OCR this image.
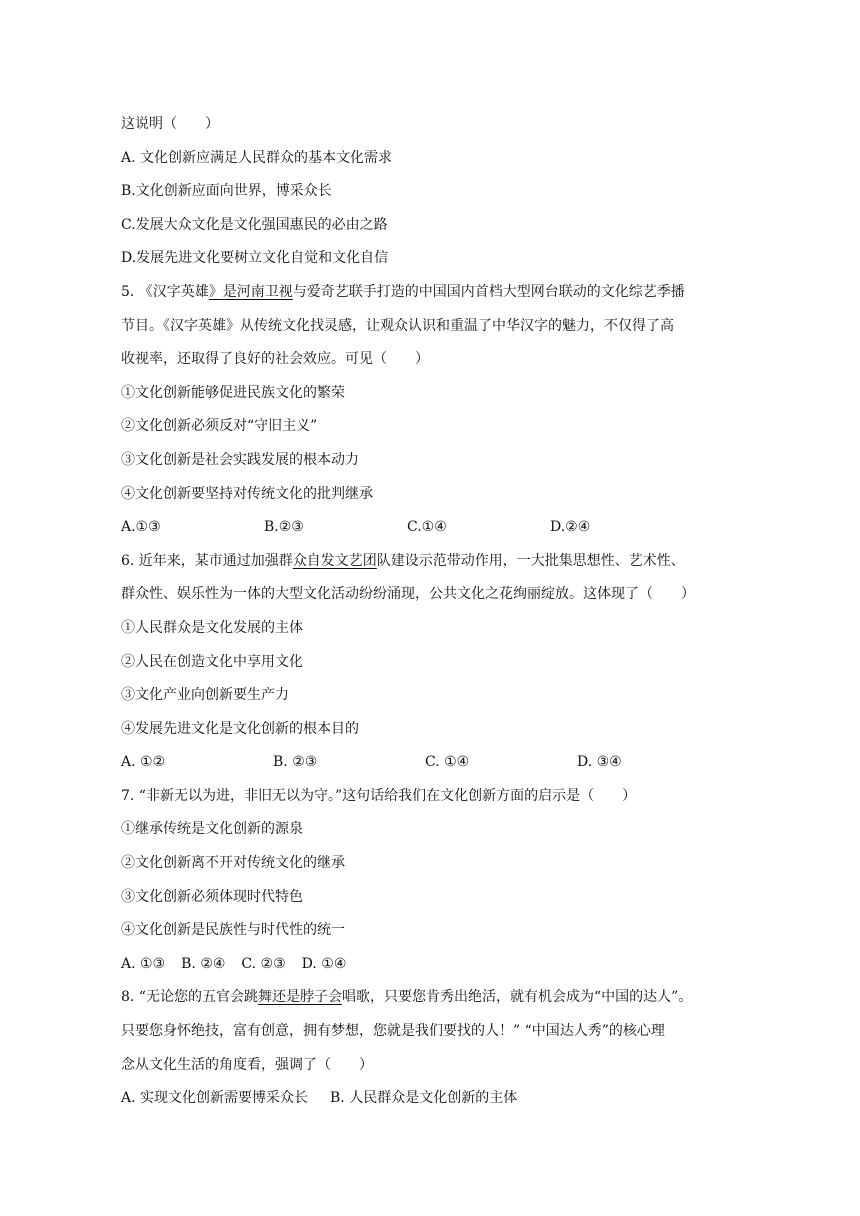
这说明（　　）
A. 文化创新应满足人民群众的基本文化需求
B.文化创新应面向世界，博采众长
C.发展大众文化是文化强国惠民的必由之路
D.发展先进文化要树立文化自觉和文化自信
5. 《汉字英雄》是河南卫视与爱奇艺联手打造的中国国内首档大型网台联动的文化综艺季播
节目。《汉字英雄》从传统文化找灵感，让观众认识和重温了中华汉字的魅力，不仅得了高
收视率，还取得了良好的社会效应。可见（　　）
①文化创新能够促进民族文化的繁荣
②文化创新必须反对“守旧主义”
③文化创新是社会实践发展的根本动力
④文化创新要坚持对传统文化的批判继承
A.①③	B.②③	C.①④	D.②④
6. 近年来，某市通过加强群众自发文艺团队建设示范带动作用，一大批集思想性、艺术性、
群众性、娱乐性为一体的大型文化活动纷纷涌现，公共文化之花绚丽绽放。这体现了（　　）
①人民群众是文化发展的主体
②人民在创造文化中享用文化
③文化产业向创新要生产力
④发展先进文化是文化创新的根本目的
A. ①②	B. ②③	C. ①④	D. ③④
7. “非新无以为进，非旧无以为守。”这句话给我们在文化创新方面的启示是（　　）
①继承传统是文化创新的源泉
②文化创新离不开对传统文化的继承
③文化创新必须体现时代特色
④文化创新是民族性与时代性的统一
A. ①③ B. ②④ C. ②③ D. ①④
8. “无论您的五官会跳舞还是脖子会唱歌，只要您肯秀出绝活，就有机会成为“中国的达人”。
只要您身怀绝技，富有创意，拥有梦想，您就是我们要找的人！” “中国达人秀”的核心理
念从文化生活的角度看，强调了（　　）
A. 实现文化创新需要博采众长 B. 人民群众是文化创新的主体
